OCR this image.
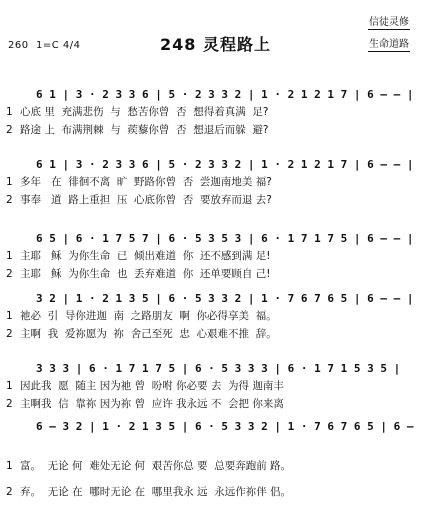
260 1=C 4/4	248 灵程路上
信徒灵修
生命道路
6 1 | 3 · 2 3 3 6 | 5 · 2 3 3 2 | 1 · 2 1 2 1 7 | 6 — — |
1 心底 里  充满悲伤  与  愁苦你曾  否  想得着真满  足?
2 路途 上  布满荆棘  与  蒺藜你曾  否  想退后而躲  避?
6 1 | 3 · 2 3 3 6 | 5 · 2 3 3 2 | 1 · 2 1 2 1 7 | 6 — — |
1 多年   在  徘徊不离  旷  野路你曾  否  尝迦南地美 福?
2 事奉   道  路上重担  压  心底你曾  否  要放弃而退 去?
6 5 | 6 · 1 7 5 7 | 6 · 5 3 5 3 | 6 · 1 7 1 7 5 | 6 — — |
1 主耶   稣  为你生命  已  倾出难道  你  还不感到满 足!
2 主耶   稣  为你生命  也  丢弃难道  你  还单要顾自 己!
3 2 | 1 · 2 1 3 5 | 6 · 5 3 3 2 | 1 · 7 6 7 6 5 | 6 — — |
1 祂必  引  导你进迦  南  之路朋友  啊  你必得享美  福。
2 主啊  我  爱祢愿为  祢  舍己至死  忠  心艰难不推  辞。
3 3 3 | 6 · 1 7 1 7 5 | 6 · 5 3 3 3 | 6 · 1 7 1 5 3 5 |
1 因此我  愿  随主 因为祂 曾  吩咐 你必要 去  为得 迦南丰
2 主啊我  信  靠祢 因为祢 曾  应许 我永远 不  会把 你来离
6 — 3 2 | 1 · 2 1 3 5 | 6 · 5 3 3 2 | 1 · 7 6 7 6 5 | 6 —
1 富。  无论 何  难处无论 何  艰苦你总 要  总要奔跑前 路。
2 弃。  无论 在  哪时无论 在  哪里我永 远  永远作祢伴 侣。
